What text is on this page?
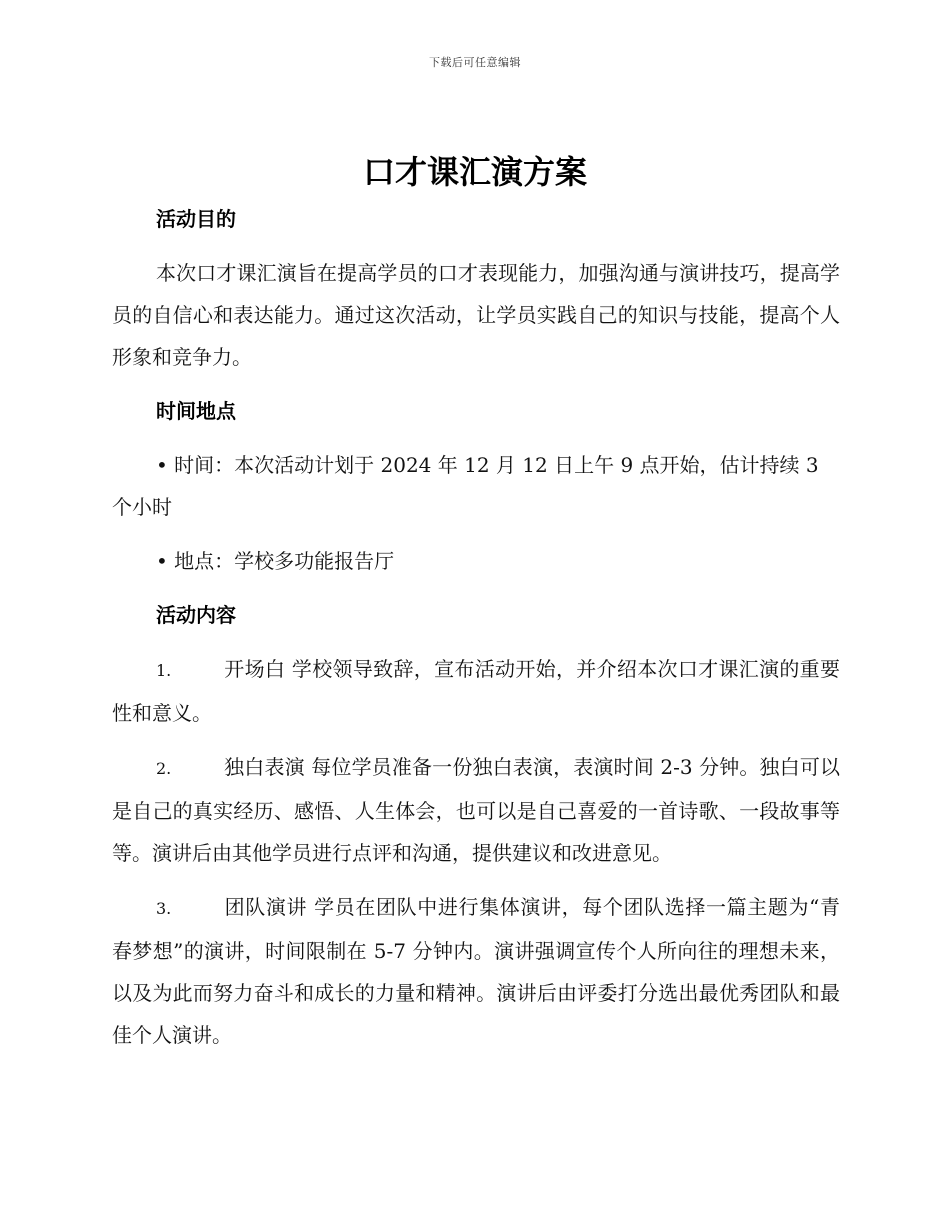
下载后可任意编辑
口才课汇演方案
活动目的

本次口才课汇演旨在提高学员的口才表现能力，加强沟通与演讲技巧，提高学员的自信心和表达能力。通过这次活动，让学员实践自己的知识与技能，提高个人形象和竞争力。

时间地点

• 时间：本次活动计划于 2024 年 12 月 12 日上午 9 点开始，估计持续 3 个小时

• 地点：学校多功能报告厅

活动内容

1.	开场白 学校领导致辞，宣布活动开始，并介绍本次口才课汇演的重要性和意义。

2.	独白表演 每位学员准备一份独白表演，表演时间 2-3 分钟。独白可以是自己的真实经历、感悟、人生体会，也可以是自己喜爱的一首诗歌、一段故事等等。演讲后由其他学员进行点评和沟通，提供建议和改进意见。

3.	团队演讲 学员在团队中进行集体演讲，每个团队选择一篇主题为“青春梦想”的演讲，时间限制在 5-7 分钟内。演讲强调宣传个人所向往的理想未来，以及为此而努力奋斗和成长的力量和精神。演讲后由评委打分选出最优秀团队和最佳个人演讲。
